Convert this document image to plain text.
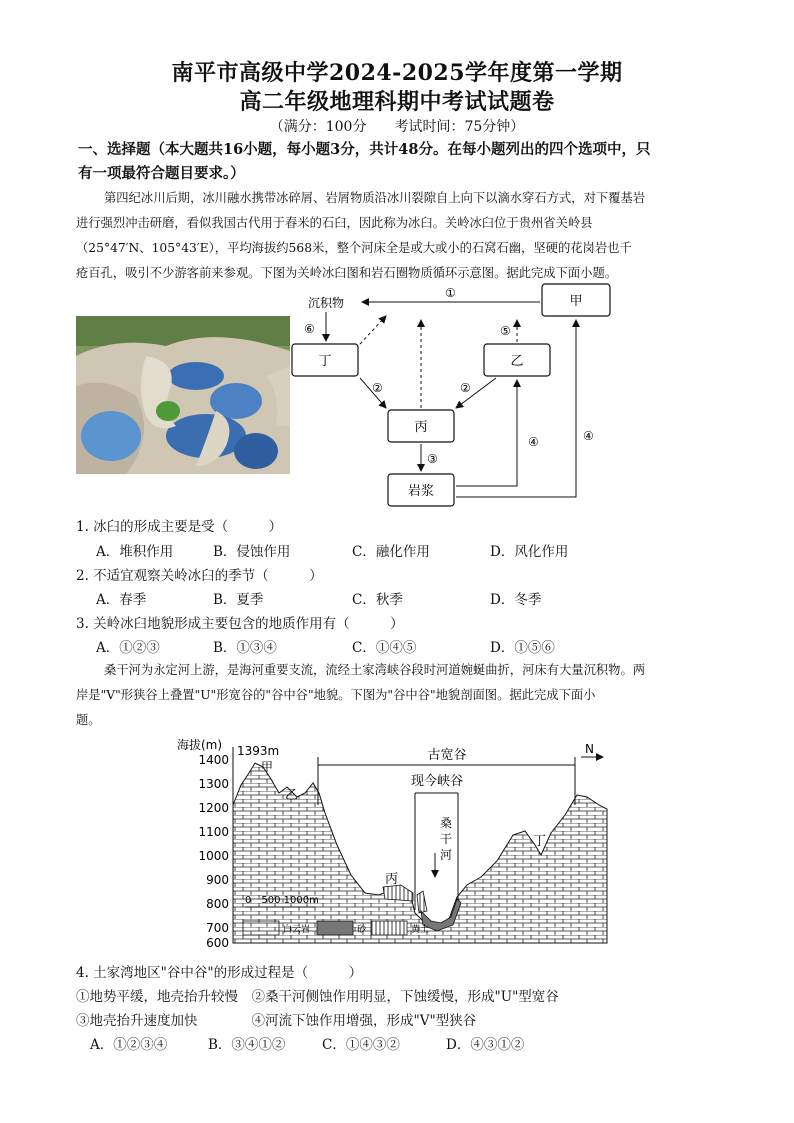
南平市高级中学2024-2025学年度第一学期
高二年级地理科期中考试试题卷
（满分：100分　　考试时间：75分钟）
一、选择题（本大题共16小题，每小题3分，共计48分。在每小题列出的四个选项中，只
有一项最符合题目要求。）
第四纪冰川后期，冰川融水携带冰碎屑、岩屑物质沿冰川裂隙自上向下以滴水穿石方式，对下覆基岩
进行强烈冲击研磨，看似我国古代用于舂米的石臼，因此称为冰臼。关岭冰臼位于贵州省关岭县
（25°47′N、105°43′E），平均海拔约568米，整个河床全是或大或小的石窝石幽，坚硬的花岗岩也千
疮百孔，吸引不少游客前来参观。下图为关岭冰臼图和岩石圈物质循环示意图。据此完成下面小题。
甲
丁	乙
丙
岩浆
沉积物
①
⑥	⑤
②	②
③
④	④
1. 冰臼的形成主要是受（　　　）
A．堆积作用	B．侵蚀作用	C．融化作用	D．风化作用
2. 不适宜观察关岭冰臼的季节（　　　）
A．春季	B．夏季	C．秋季	D．冬季
3. 关岭冰臼地貌形成主要包含的地质作用有（　　　）
A．①②③	B．①③④	C．①④⑤	D．①⑤⑥
桑干河为永定河上游，是海河重要支流，流经土家湾峡谷段时河道婉蜒曲折，河床有大量沉积物。两
岸是"V"形狭谷上叠置"U"形宽谷的"谷中谷"地貌。下图为"谷中谷"地貌剖面图。据此完成下面小
题。
海拔(m)
1400
1300
1200
1100
1000
900
800
700
600
1393m
甲
乙
丙
丁
古宽谷
现今峡谷
桑
干
河
N
0　500 1000m
白云岩	砂	黄土
4. 土家湾地区"谷中谷"的形成过程是（　　　）
①地势平缓，地壳抬升较慢　②桑干河侧蚀作用明显，下蚀缓慢，形成"U"型宽谷
③地壳抬升速度加快　　　　④河流下蚀作用增强，形成"V"型狭谷
A．①②③④	B．③④①②	C．①④③②	D．④③①②
